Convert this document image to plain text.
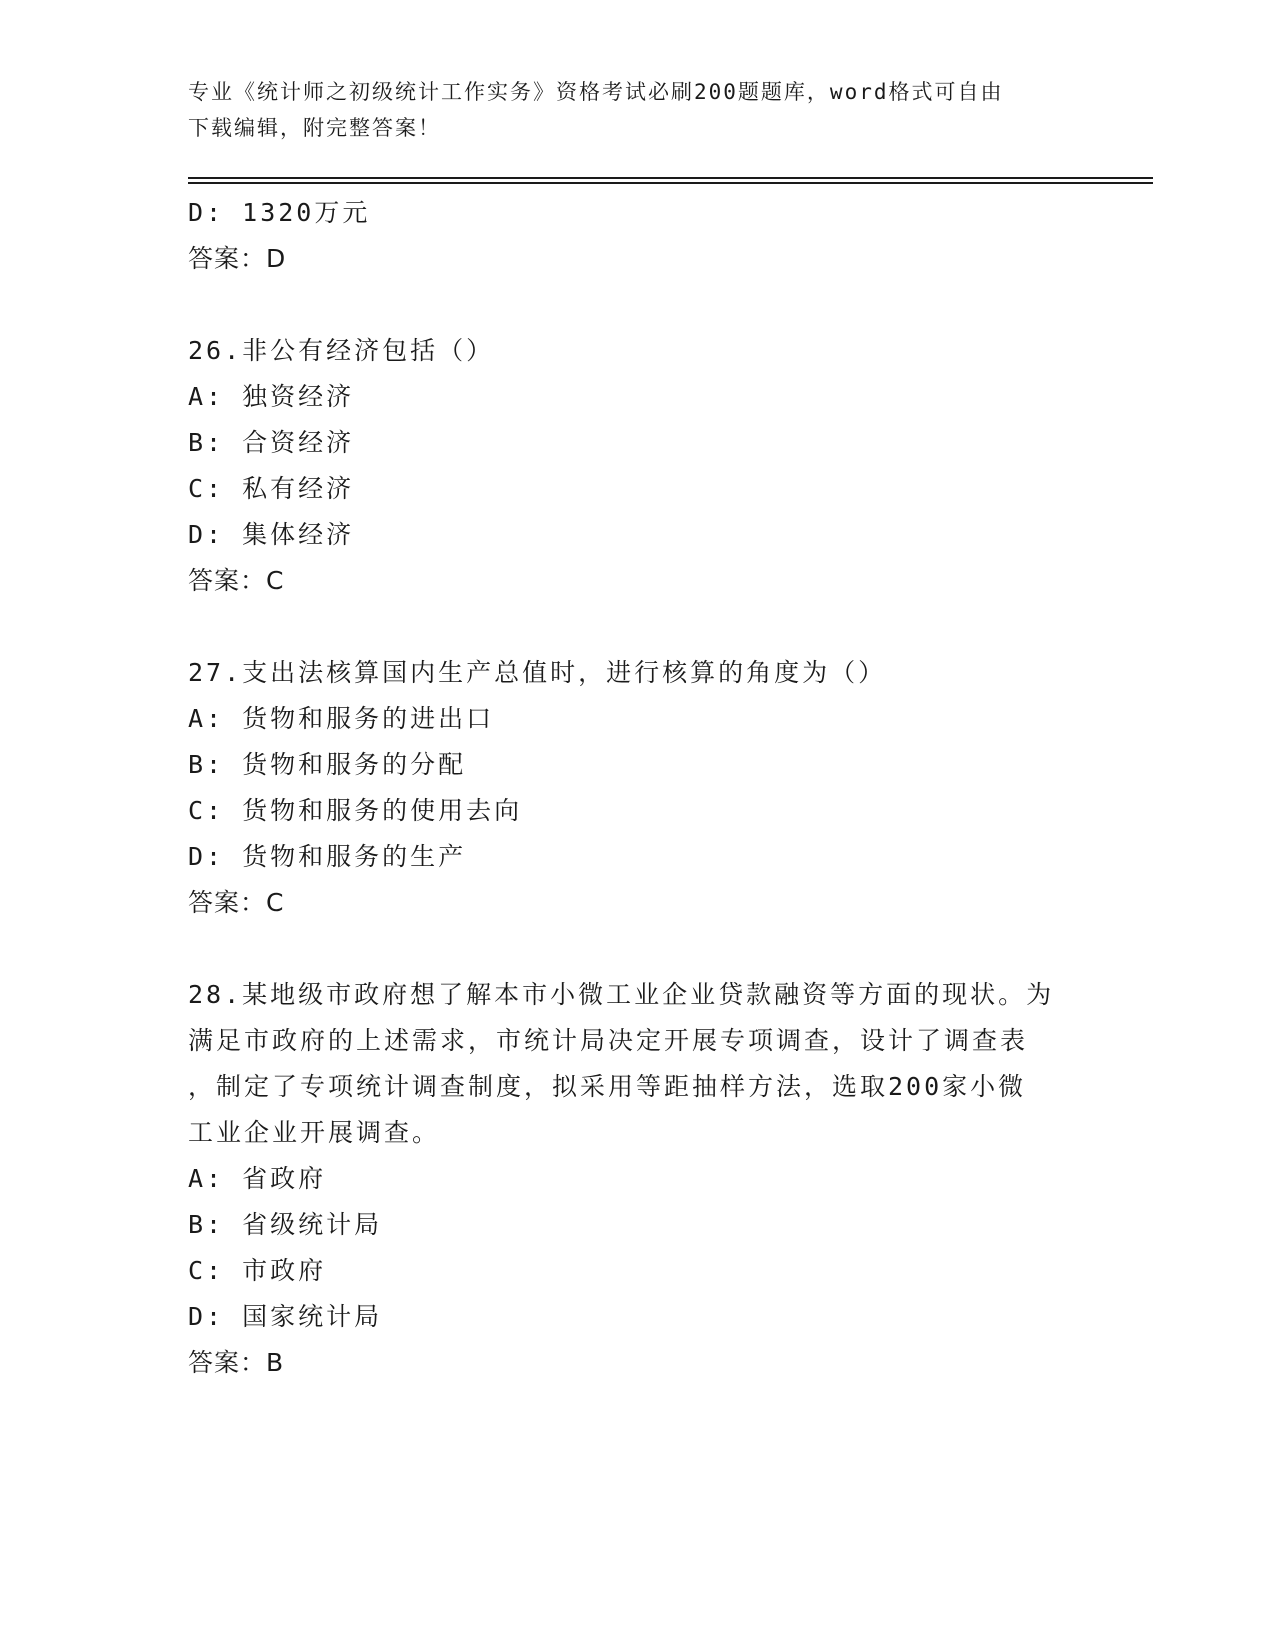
专业《统计师之初级统计工作实务》资格考试必刷200题题库，word格式可自由
下载编辑，附完整答案！
D: 1320万元
答案：D
26.非公有经济包括（）
A: 独资经济
B: 合资经济
C: 私有经济
D: 集体经济
答案：C
27.支出法核算国内生产总值时，进行核算的角度为（）
A: 货物和服务的进出口
B: 货物和服务的分配
C: 货物和服务的使用去向
D: 货物和服务的生产
答案：C
28.某地级市政府想了解本市小微工业企业贷款融资等方面的现状。为
满足市政府的上述需求，市统计局决定开展专项调查，设计了调查表
，制定了专项统计调查制度，拟采用等距抽样方法，选取200家小微
工业企业开展调查。
A: 省政府
B: 省级统计局
C: 市政府
D: 国家统计局
答案：B
